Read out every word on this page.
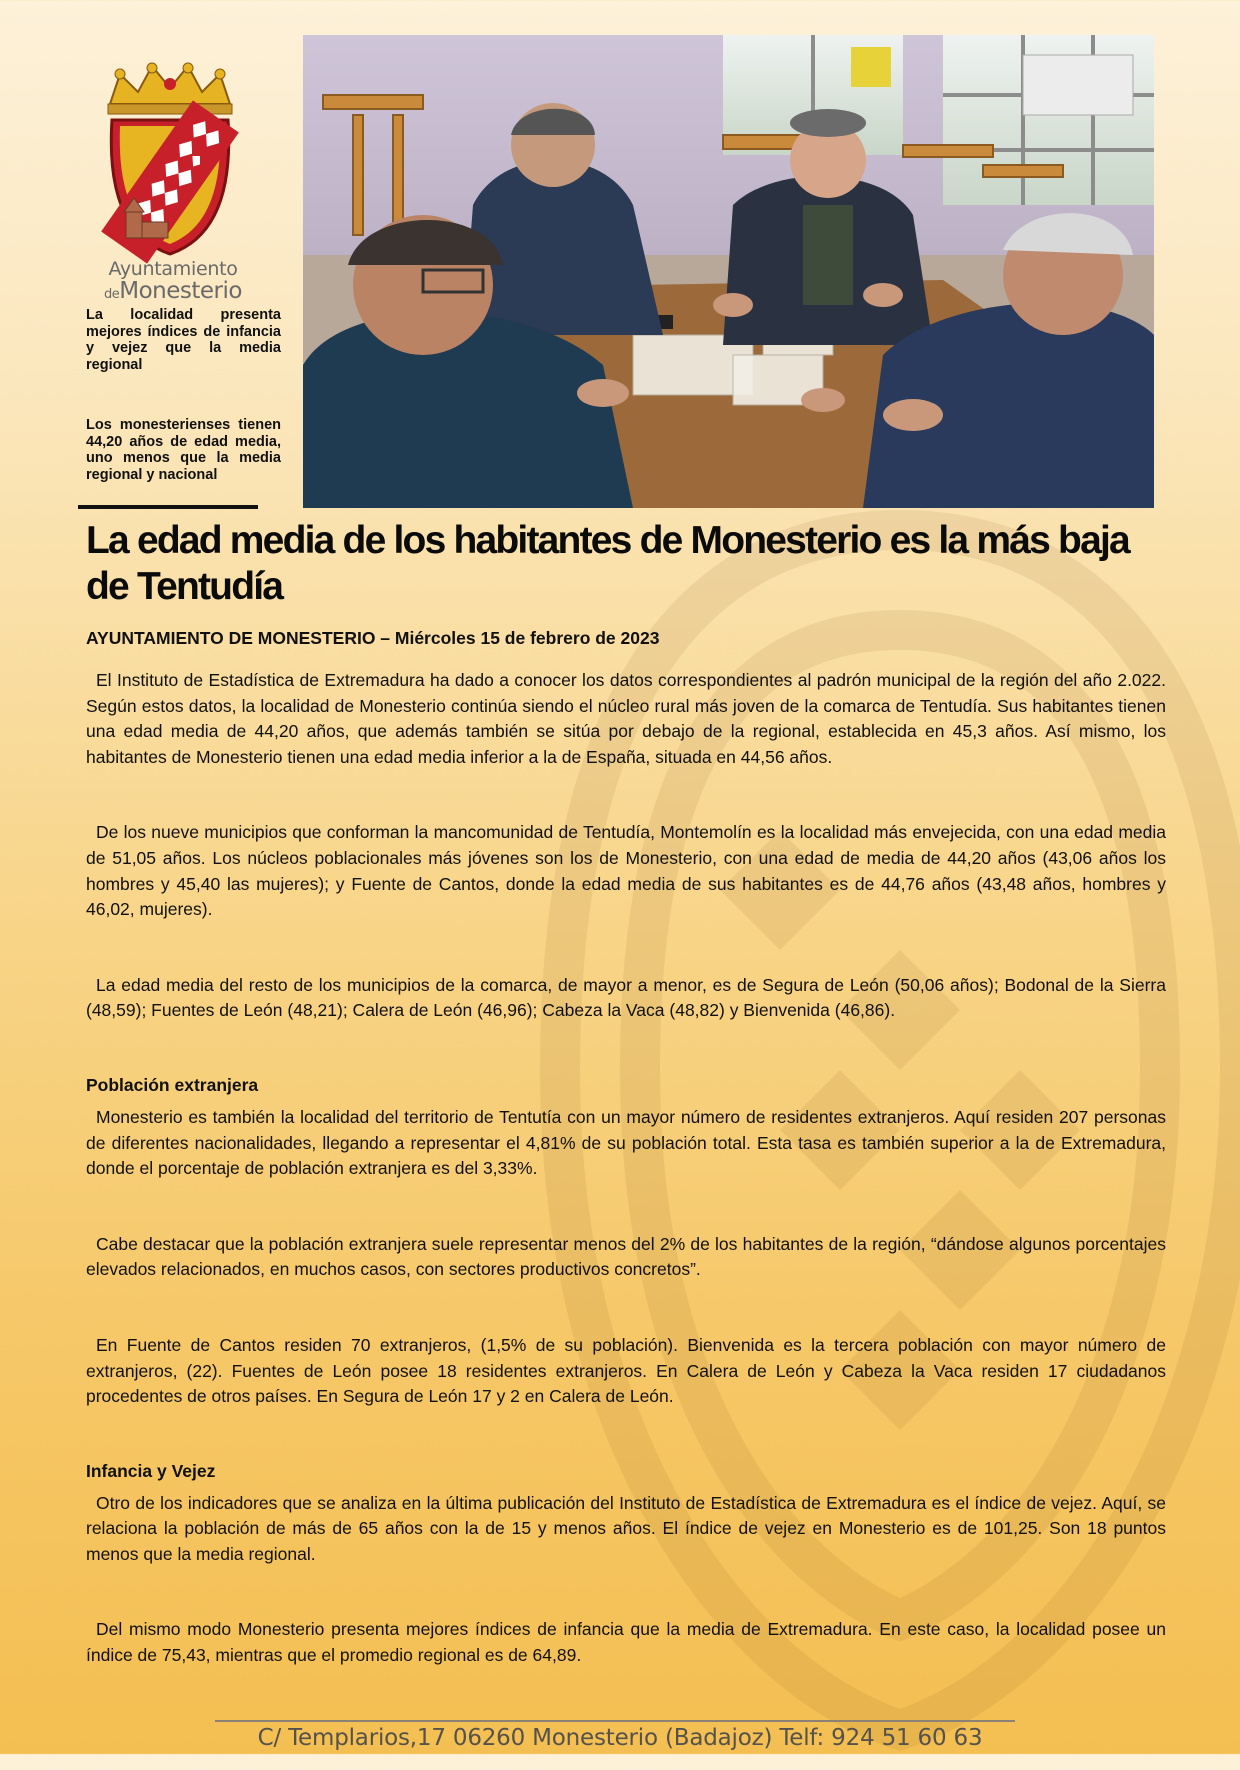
Ayuntamiento
deMonesterio
La localidad presenta mejores índices de infancia y vejez que la media regional
Los monesterienses tienen 44,20 años de edad media, uno menos que la media regional y nacional
La edad media de los habitantes de Monesterio es la más baja de Tentudía

AYUNTAMIENTO DE MONESTERIO – Miércoles 15 de febrero de 2023

El Instituto de Estadística de Extremadura ha dado a conocer los datos correspondientes al padrón municipal de la región del año 2.022. Según estos datos, la localidad de Monesterio continúa siendo el núcleo rural más joven de la comarca de Tentudía. Sus habitantes tienen una edad media de 44,20 años, que además también se sitúa por debajo de la regional, establecida en 45,3 años. Así mismo, los habitantes de Monesterio tienen una edad media inferior a la de España, situada en 44,56 años.

De los nueve municipios que conforman la mancomunidad de Tentudía, Montemolín es la localidad más envejecida, con una edad media de 51,05 años. Los núcleos poblacionales más jóvenes son los de Monesterio, con una edad de media de 44,20 años (43,06 años los hombres y 45,40 las mujeres); y Fuente de Cantos, donde la edad media de sus habitantes es de 44,76 años (43,48 años, hombres y 46,02, mujeres).

La edad media del resto de los municipios de la comarca, de mayor a menor, es de Segura de León (50,06 años); Bodonal de la Sierra (48,59); Fuentes de León (48,21); Calera de León (46,96); Cabeza la Vaca (48,82) y Bienvenida (46,86).

Población extranjera

Monesterio es también la localidad del territorio de Tentutía con un mayor número de residentes extranjeros. Aquí residen 207 personas de diferentes nacionalidades, llegando a representar el 4,81% de su población total. Esta tasa es también superior a la de Extremadura, donde el porcentaje de población extranjera es del 3,33%.

Cabe destacar que la población extranjera suele representar menos del 2% de los habitantes de la región, “dándose algunos porcentajes elevados relacionados, en muchos casos, con sectores productivos concretos”.

En Fuente de Cantos residen 70 extranjeros, (1,5% de su población). Bienvenida es la tercera población con mayor número de extranjeros, (22). Fuentes de León posee 18 residentes extranjeros. En Calera de León y Cabeza la Vaca residen 17 ciudadanos procedentes de otros países. En Segura de León 17 y 2 en Calera de León.

Infancia y Vejez

Otro de los indicadores que se analiza en la última publicación del Instituto de Estadística de Extremadura es el índice de vejez. Aquí, se relaciona la población de más de 65 años con la de 15 y menos años. El índice de vejez en Monesterio es de 101,25. Son 18 puntos menos que la media regional.

Del mismo modo Monesterio presenta mejores índices de infancia que la media de Extremadura. En este caso, la localidad posee un índice de 75,43, mientras que el promedio regional es de 64,89.

C/ Templarios,17 06260 Monesterio (Badajoz) Telf: 924 51 60 63
